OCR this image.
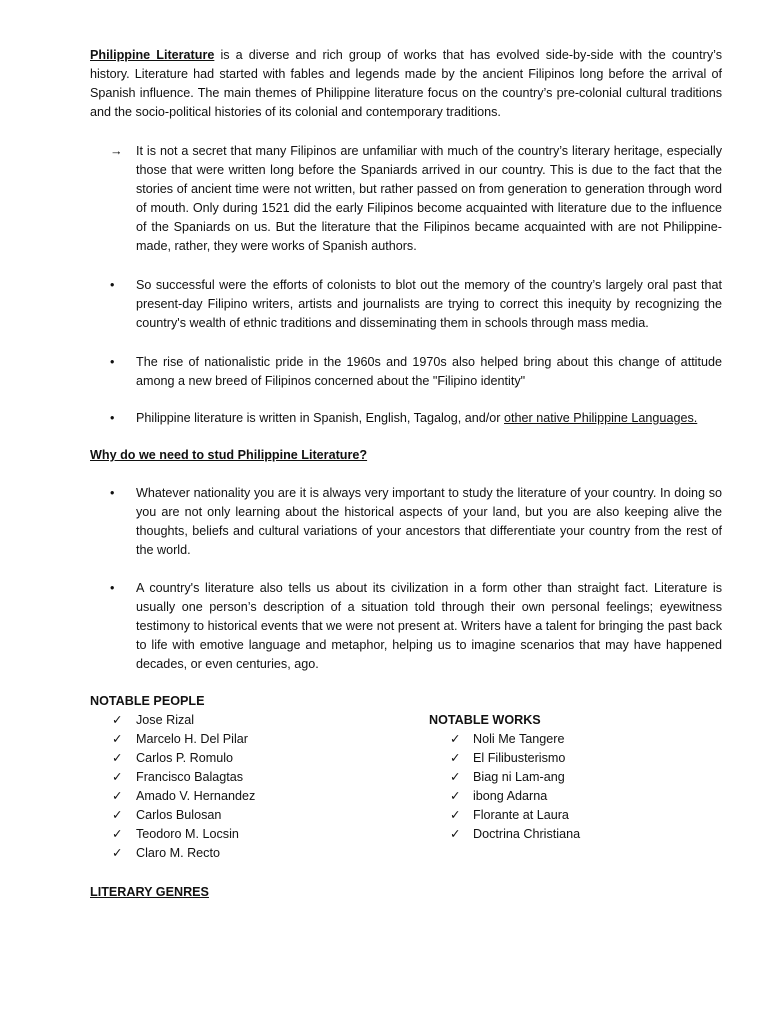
Philippine Literature is a diverse and rich group of works that has evolved side-by-side with the country’s history. Literature had started with fables and legends made by the ancient Filipinos long before the arrival of Spanish influence. The main themes of Philippine literature focus on the country’s pre-colonial cultural traditions and the socio-political histories of its colonial and contemporary traditions.

→	It is not a secret that many Filipinos are unfamiliar with much of the country’s literary heritage, especially those that were written long before the Spaniards arrived in our country. This is due to the fact that the stories of ancient time were not written, but rather passed on from generation to generation through word of mouth. Only during 1521 did the early Filipinos become acquainted with literature due to the influence of the Spaniards on us. But the literature that the Filipinos became acquainted with are not Philippine-made, rather, they were works of Spanish authors.
•	So successful were the efforts of colonists to blot out the memory of the country’s largely oral past that present-day Filipino writers, artists and journalists are trying to correct this inequity by recognizing the country's wealth of ethnic traditions and disseminating them in schools through mass media.
•	The rise of nationalistic pride in the 1960s and 1970s also helped bring about this change of attitude among a new breed of Filipinos concerned about the "Filipino identity"
•	Philippine literature is written in Spanish, English, Tagalog, and/or other native Philippine Languages.

Why do we need to stud Philippine Literature?

•	Whatever nationality you are it is always very important to study the literature of your country. In doing so you are not only learning about the historical aspects of your land, but you are also keeping alive the thoughts, beliefs and cultural variations of your ancestors that differentiate your country from the rest of the world.
•	A country's literature also tells us about its civilization in a form other than straight fact. Literature is usually one person’s description of a situation told through their own personal feelings; eyewitness testimony to historical events that we were not present at. Writers have a talent for bringing the past back to life with emotive language and metaphor, helping us to imagine scenarios that may have happened decades, or even centuries, ago.
NOTABLE PEOPLE
✓ Jose Rizal
✓ Marcelo H. Del Pilar
✓ Carlos P. Romulo
✓ Francisco Balagtas
✓ Amado V. Hernandez
✓ Carlos Bulosan
✓ Teodoro M. Locsin
✓ Claro M. Recto
NOTABLE WORKS
✓ Noli Me Tangere
✓ El Filibusterismo
✓ Biag ni Lam-ang
✓ ibong Adarna
✓ Florante at Laura
✓ Doctrina Christiana

LITERARY GENRES
